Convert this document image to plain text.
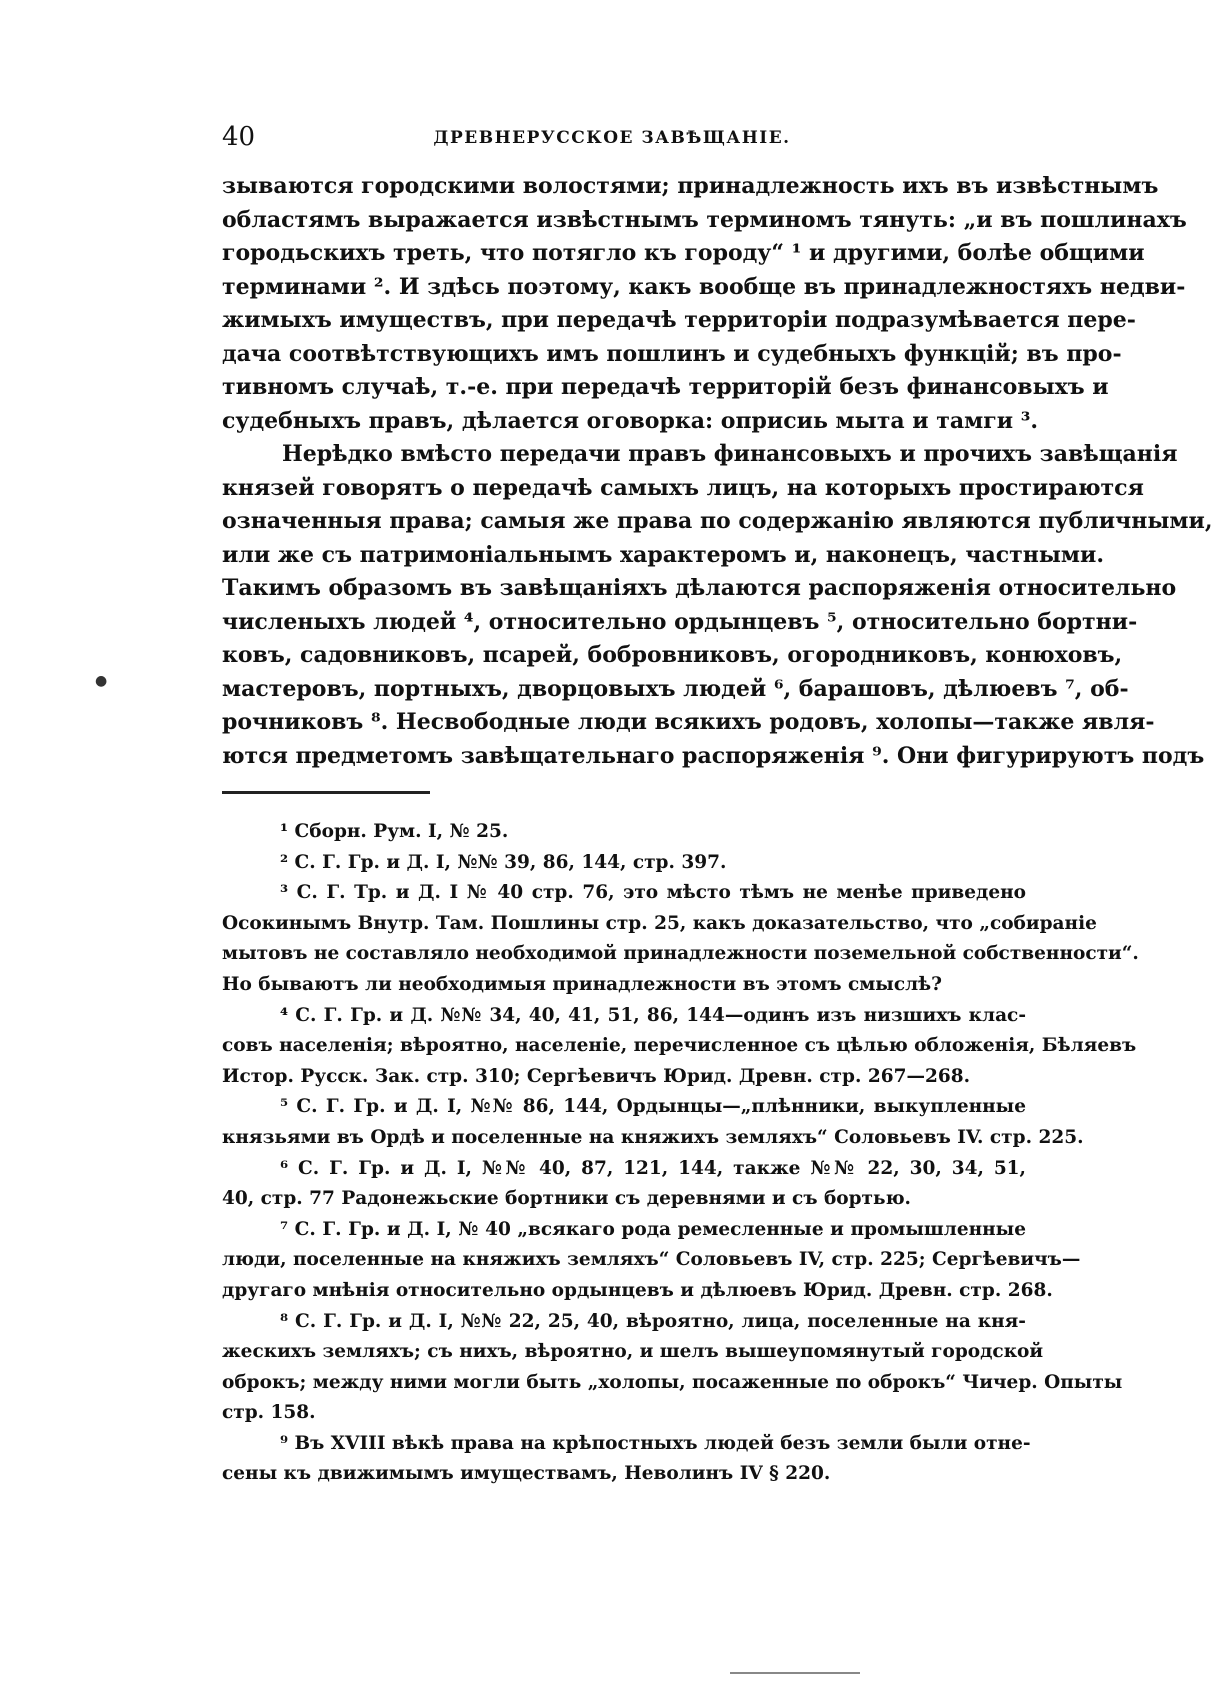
40	ДРЕВНЕРУССКОЕ ЗАВѢЩАНІЕ.
зываются городскими волостями; принадлежность ихъ въ извѣстнымъ
областямъ выражается извѣстнымъ терминомъ тянуть: „и въ пошлинахъ
городьскихъ треть, что потягло къ городу“ ¹ и другими, болѣе общими
терминами ². И здѣсь поэтому, какъ вообще въ принадлежностяхъ недви-
жимыхъ имуществъ, при передачѣ территоріи подразумѣвается пере-
дача соотвѣтствующихъ имъ пошлинъ и судебныхъ функцій; въ про-
тивномъ случаѣ, т.-е. при передачѣ территорій безъ финансовыхъ и
судебныхъ правъ, дѣлается оговорка: оприсиь мыта и тамги ³.
Нерѣдко вмѣсто передачи правъ финансовыхъ и прочихъ завѣщанія
князей говорятъ о передачѣ самыхъ лицъ, на которыхъ простираются
означенныя права; самыя же права по содержанію являются публичными,
или же съ патримоніальнымъ характеромъ и, наконецъ, частными.
Такимъ образомъ въ завѣщаніяхъ дѣлаются распоряженія относительно
численыхъ людей ⁴, относительно ордынцевъ ⁵, относительно бортни-
ковъ, садовниковъ, псарей, бобровниковъ, огородниковъ, конюховъ,
мастеровъ, портныхъ, дворцовыхъ людей ⁶, барашовъ, дѣлюевъ ⁷, об-
рочниковъ ⁸. Несвободные люди всякихъ родовъ, холопы—также явля-
ются предметомъ завѣщательнаго распоряженія ⁹. Они фигурируютъ подъ
¹ Сборн. Рум. I, № 25.
² С. Г. Гр. и Д. I, №№ 39, 86, 144, стр. 397.
³ С. Г. Тр. и Д. I № 40 стр. 76, это мѣсто тѣмъ не менѣе приведено
Осокинымъ Внутр. Там. Пошлины стр. 25, какъ доказательство, что „собираніе
мытовъ не составляло необходимой принадлежности поземельной собственности“.
Но бываютъ ли необходимыя принадлежности въ этомъ смыслѣ?
⁴ С. Г. Гр. и Д. №№ 34, 40, 41, 51, 86, 144—одинъ изъ низшихъ клас-
совъ населенія; вѣроятно, населеніе, перечисленное съ цѣлью обложенія, Бѣляевъ
Истор. Русск. Зак. стр. 310; Сергѣевичъ Юрид. Древн. стр. 267—268.
⁵ С. Г. Гр. и Д. I, №№ 86, 144, Ордынцы—„плѣнники, выкупленные
князьями въ Ордѣ и поселенные на княжихъ земляхъ“ Соловьевъ IV. стр. 225.
⁶ С. Г. Гр. и Д. I, №№ 40, 87, 121, 144, также №№ 22, 30, 34, 51,
40, стр. 77 Радонежьские бортники съ деревнями и съ бортью.
⁷ С. Г. Гр. и Д. I, № 40 „всякаго рода ремесленные и промышленные
люди, поселенные на княжихъ земляхъ“ Соловьевъ IV, стр. 225; Сергѣевичъ—
другаго мнѣнія относительно ордынцевъ и дѣлюевъ Юрид. Древн. стр. 268.
⁸ С. Г. Гр. и Д. I, №№ 22, 25, 40, вѣроятно, лица, поселенные на кня-
жескихъ земляхъ; съ нихъ, вѣроятно, и шелъ вышеупомянутый городской
оброкъ; между ними могли быть „холопы, посаженные по оброкъ“ Чичер. Опыты
стр. 158.
⁹ Въ XVIII вѣкѣ права на крѣпостныхъ людей безъ земли были отне-
сены къ движимымъ имуществамъ, Неволинъ IV § 220.
●
